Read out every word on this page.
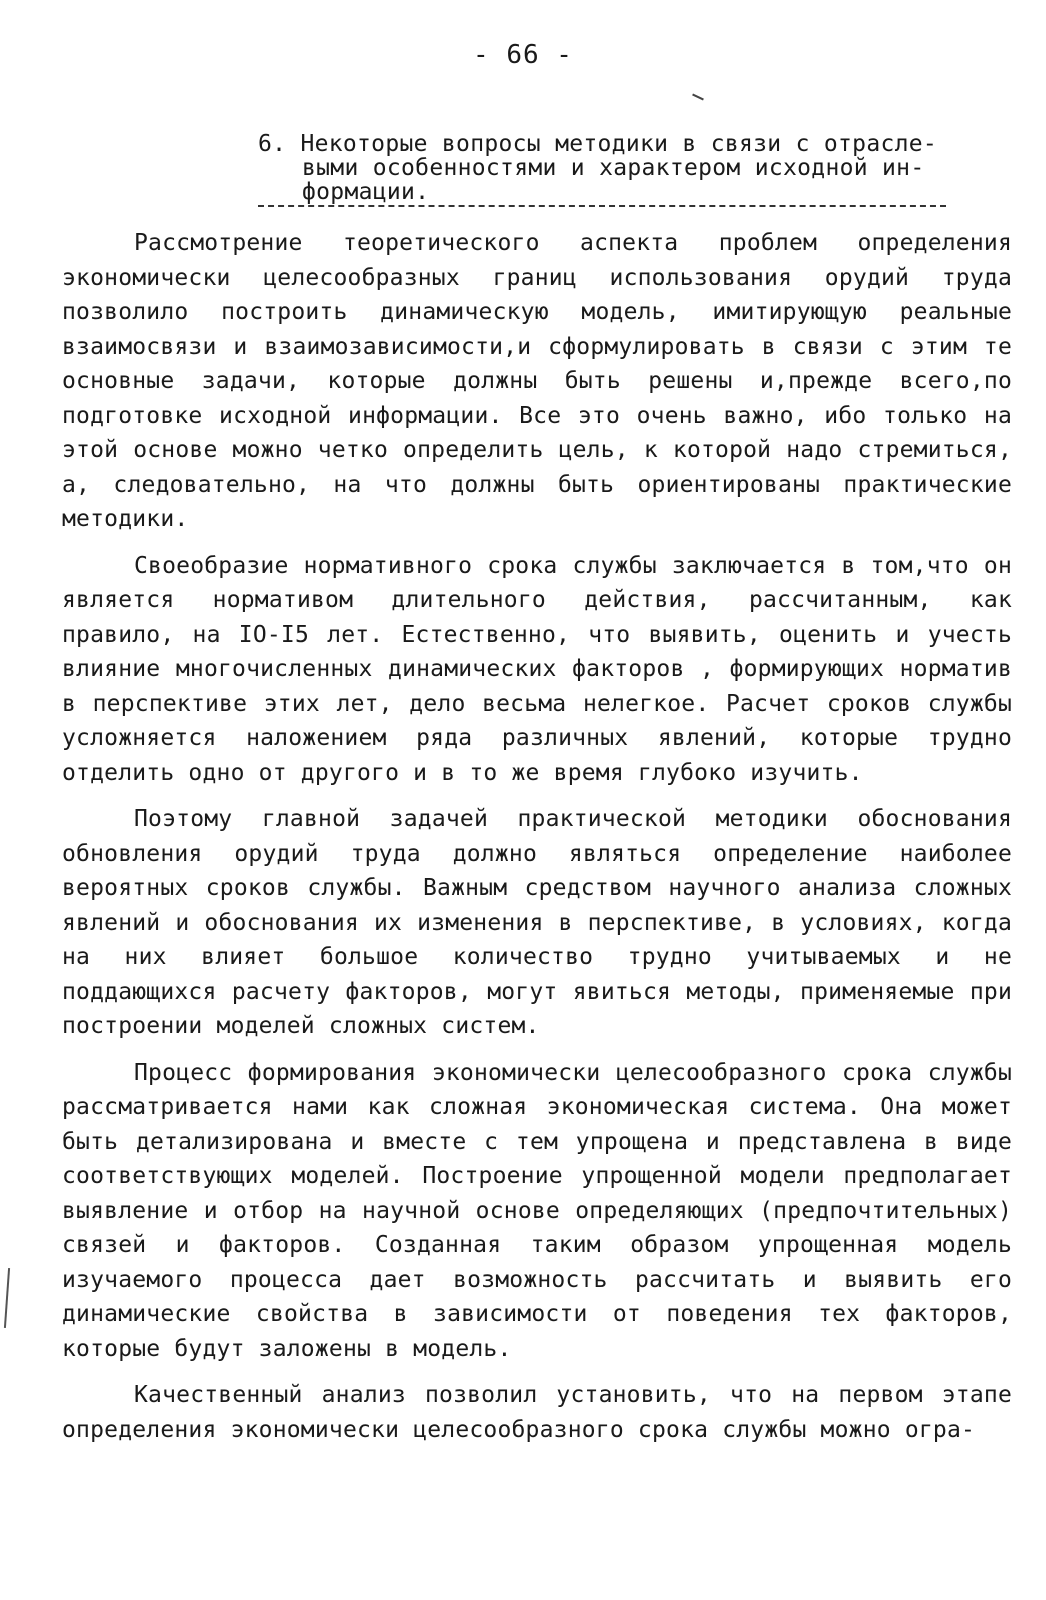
- 66 -
6. Некоторые вопросы методики в связи с отрасле-
выми особенностями и характером исходной ин-
формации.

Рассмотрение теоретического аспекта проблем определения экономически целесообразных границ использования орудий труда позволило построить динамическую модель, имитирующую реальные взаимосвязи и взаимозависимости,и сформулировать в связи с этим те основные задачи, которые должны быть решены и,прежде всего,по подготовке исходной информации. Все это очень важно, ибо только на этой основе можно четко определить цель, к которой надо стремиться, а, следовательно, на что должны быть ориентированы практические методики.

Своеобразие нормативного срока службы заключается в том,что он является нормативом длительного действия, рассчитанным, как правило, на IO-I5 лет. Естественно, что выявить, оценить и учесть влияние многочисленных динамических факторов , формирующих норматив в перспективе этих лет, дело весьма нелегкое. Расчет сроков службы усложняется наложением ряда различных явлений, которые трудно отделить одно от другого и в то же время глубоко изучить.

Поэтому главной задачей практической методики обоснования обновления орудий труда должно являться определение наиболее вероятных сроков службы. Важным средством научного анализа сложных явлений и обоснования их изменения в перспективе, в условиях, когда на них влияет большое количество трудно учитываемых и не поддающихся расчету факторов, могут явиться методы, применяемые при построении моделей сложных систем.

Процесс формирования экономически целесообразного срока службы рассматривается нами как сложная экономическая система. Она может быть детализирована и вместе с тем упрощена и представлена в виде соответствующих моделей. Построение упрощенной модели предполагает выявление и отбор на научной основе определяющих (предпочтительных) связей и факторов. Созданная таким образом упрощенная модель изучаемого процесса дает возможность рассчитать и выявить его динамические свойства в зависимости от поведения тех факторов, которые будут заложены в модель.

Качественный анализ позволил установить, что на первом этапе определения экономически целесообразного срока службы можно огра-
